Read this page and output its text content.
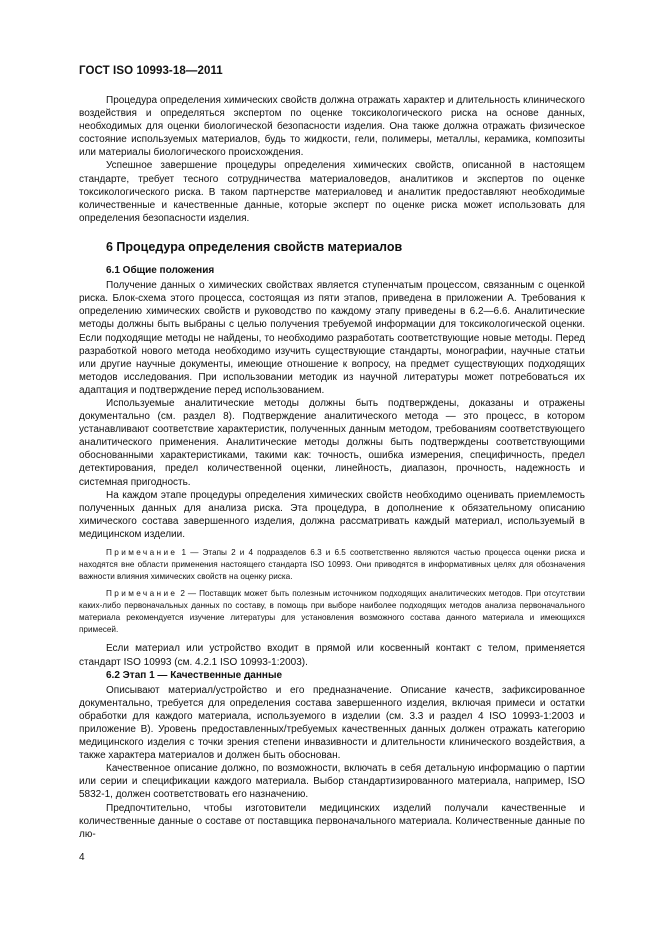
ГОСТ ISO 10993-18—2011

Процедура определения химических свойств должна отражать характер и длительность клинического воздействия и определяться экспертом по оценке токсикологического риска на основе данных, необходимых для оценки биологической безопасности изделия. Она также должна отражать физическое состояние используемых материалов, будь то жидкости, гели, полимеры, металлы, керамика, композиты или материалы биологического происхождения.

Успешное завершение процедуры определения химических свойств, описанной в настоящем стандарте, требует тесного сотрудничества материаловедов, аналитиков и экспертов по оценке токсикологического риска. В таком партнерстве материаловед и аналитик предоставляют необходимые количественные и качественные данные, которые эксперт по оценке риска может использовать для определения безопасности изделия.

6 Процедура определения свойств материалов
6.1 Общие положения

Получение данных о химических свойствах является ступенчатым процессом, связанным с оценкой риска. Блок-схема этого процесса, состоящая из пяти этапов, приведена в приложении А. Требования к определению химических свойств и руководство по каждому этапу приведены в 6.2—6.6. Аналитические методы должны быть выбраны с целью получения требуемой информации для токсикологической оценки. Если подходящие методы не найдены, то необходимо разработать соответствующие новые методы. Перед разработкой нового метода необходимо изучить существующие стандарты, монографии, научные статьи или другие научные документы, имеющие отношение к вопросу, на предмет существующих подходящих методов исследования. При использовании методик из научной литературы может потребоваться их адаптация и подтверждение перед использованием.

Используемые аналитические методы должны быть подтверждены, доказаны и отражены документально (см. раздел 8). Подтверждение аналитического метода — это процесс, в котором устанавливают соответствие характеристик, полученных данным методом, требованиям соответствующего аналитического применения. Аналитические методы должны быть подтверждены соответствующими обоснованными характеристиками, такими как: точность, ошибка измерения, специфичность, предел детектирования, предел количественной оценки, линейность, диапазон, прочность, надежность и системная пригодность.

На каждом этапе процедуры определения химических свойств необходимо оценивать приемлемость полученных данных для анализа риска. Эта процедура, в дополнение к обязательному описанию химического состава завершенного изделия, должна рассматривать каждый материал, используемый в медицинском изделии.

Примечание 1 — Этапы 2 и 4 подразделов 6.3 и 6.5 соответственно являются частью процесса оценки риска и находятся вне области применения настоящего стандарта ISO 10993. Они приводятся в информативных целях для обозначения важности влияния химических свойств на оценку риска.

Примечание 2 — Поставщик может быть полезным источником подходящих аналитических методов. При отсутствии каких-либо первоначальных данных по составу, в помощь при выборе наиболее подходящих методов анализа первоначального материала рекомендуется изучение литературы для установления возможного состава данного материала и имеющихся примесей.

Если материал или устройство входит в прямой или косвенный контакт с телом, применяется стандарт ISO 10993 (см. 4.2.1 ISO 10993-1:2003).

6.2 Этап 1 — Качественные данные

Описывают материал/устройство и его предназначение. Описание качеств, зафиксированное документально, требуется для определения состава завершенного изделия, включая примеси и остатки обработки для каждого материала, используемого в изделии (см. 3.3 и раздел 4 ISO 10993-1:2003 и приложение В). Уровень предоставленных/требуемых качественных данных должен отражать категорию медицинского изделия с точки зрения степени инвазивности и длительности клинического воздействия, а также характера материалов и должен быть обоснован.

Качественное описание должно, по возможности, включать в себя детальную информацию о партии или серии и спецификации каждого материала. Выбор стандартизированного материала, например, ISO 5832-1, должен соответствовать его назначению.

Предпочтительно, чтобы изготовители медицинских изделий получали качественные и количественные данные о составе от поставщика первоначального материала. Количественные данные по лю-

4
